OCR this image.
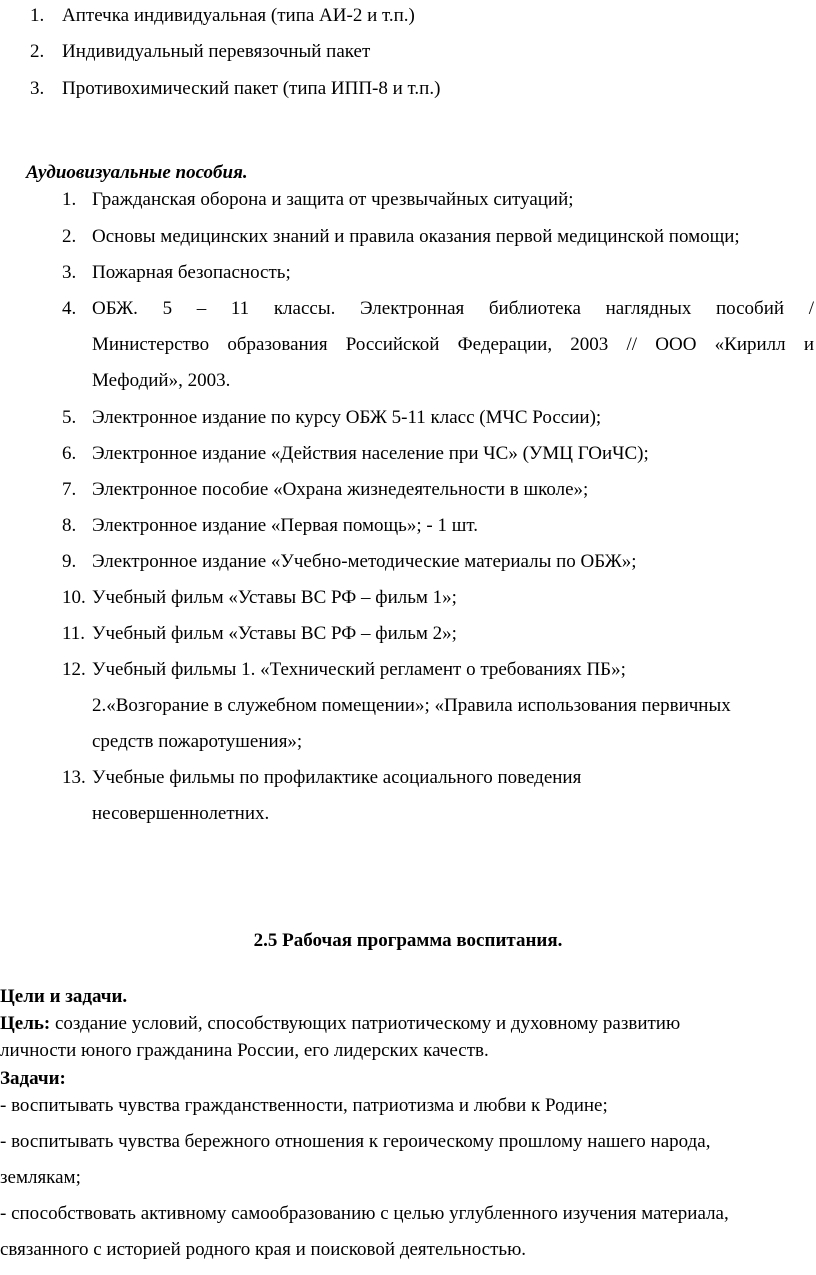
1. Аптечка индивидуальная (типа АИ-2 и т.п.)
2. Индивидуальный перевязочный пакет
3. Противохимический пакет (типа ИПП-8 и т.п.)
Аудиовизуальные пособия.
1. Гражданская оборона и защита от чрезвычайных ситуаций;
2. Основы медицинских знаний и правила оказания первой медицинской помощи;
3. Пожарная безопасность;
4. ОБЖ. 5 – 11 классы. Электронная библиотека наглядных пособий /
Министерство образования Российской Федерации, 2003 // ООО «Кирилл и
Мефодий», 2003.
5. Электронное издание по курсу ОБЖ 5-11 класс (МЧС России);
6. Электронное издание «Действия население при ЧС» (УМЦ ГОиЧС);
7. Электронное пособие «Охрана жизнедеятельности в школе»;
8. Электронное издание «Первая помощь»; - 1 шт.
9. Электронное издание «Учебно-методические материалы по ОБЖ»;
10. Учебный фильм «Уставы ВС РФ – фильм 1»;
11. Учебный фильм «Уставы ВС РФ – фильм 2»;
12. Учебный фильмы 1. «Технический регламент о требованиях ПБ»;
2.«Возгорание в служебном помещении»; «Правила использования первичных
средств пожаротушения»;
13. Учебные фильмы по профилактике асоциального поведения
несовершеннолетних.
2.5 Рабочая программа воспитания.
Цели и задачи.
Цель: создание условий, способствующих патриотическому и духовному развитию
личности юного гражданина России, его лидерских качеств.
Задачи:
- воспитывать чувства гражданственности, патриотизма и любви к Родине;
- воспитывать чувства бережного отношения к героическому прошлому нашего народа,
землякам;
- способствовать активному самообразованию с целью углубленного изучения материала,
связанного с историей родного края и поисковой деятельностью.
